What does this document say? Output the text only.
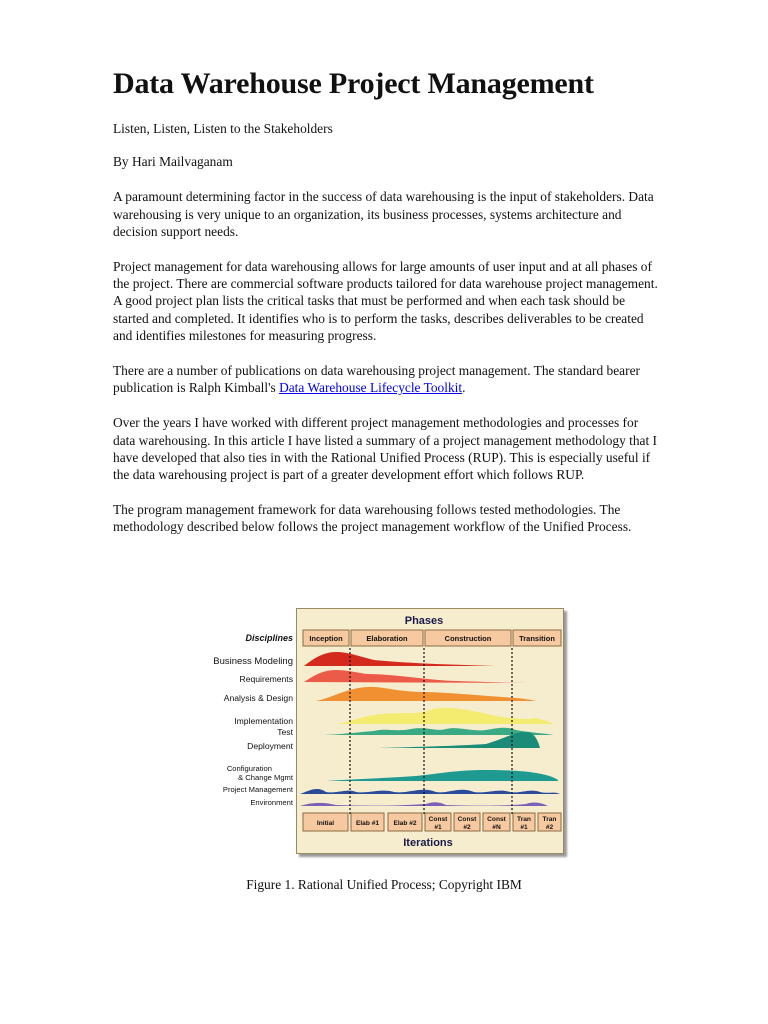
Data Warehouse Project Management

Listen, Listen, Listen to the Stakeholders

By Hari Mailvaganam

A paramount determining factor in the success of data warehousing is the input of stakeholders. Data warehousing is very unique to an organization, its business processes, systems architecture and decision support needs.

Project management for data warehousing allows for large amounts of user input and at all phases of the project. There are commercial software products tailored for data warehouse project management. A good project plan lists the critical tasks that must be performed and when each task should be started and completed. It identifies who is to perform the tasks, describes deliverables to be created and identifies milestones for measuring progress.

There are a number of publications on data warehousing project management. The standard bearer publication is Ralph Kimball's Data Warehouse Lifecycle Toolkit.

Over the years I have worked with different project management methodologies and processes for data warehousing. In this article I have listed a summary of a project management methodology that I have developed that also ties in with the Rational Unified Process (RUP). This is especially useful if the data warehousing project is part of a greater development effort which follows RUP.

The program management framework for data warehousing follows tested methodologies. The methodology described below follows the project management workflow of the Unified Process.

Phases
Disciplines Inception	Elaboration	Construction	Transition
Business Modeling
Requirements
Analysis & Design
Implementation
Test
Deployment
Configuration
& Change Mgmt
Project Management
Environment
Initial	Elab #1 Elab #2
Const
#1
Const
#2
Const
#N
Tran
#1
Tran
#2
Iterations

Figure 1. Rational Unified Process; Copyright IBM
